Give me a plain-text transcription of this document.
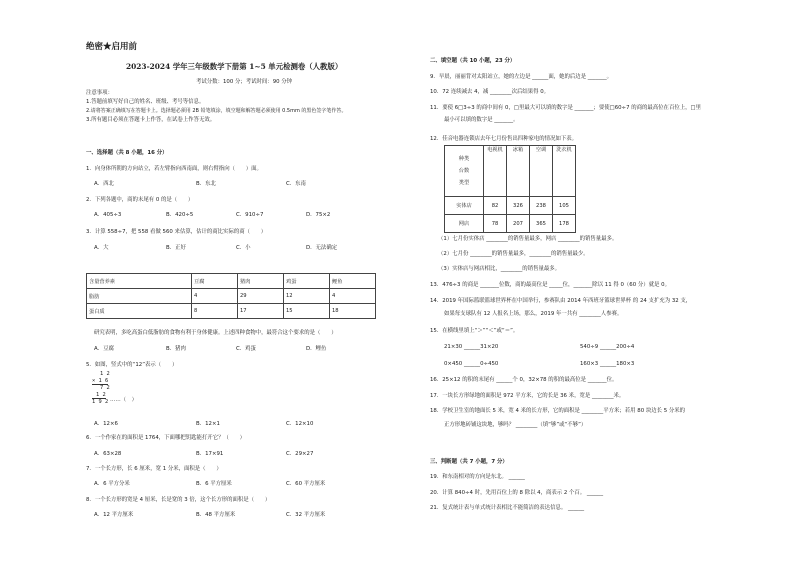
绝密★启用前
2023-2024 学年三年级数学下册第 1~5 单元检测卷（人教版）
考试分数：100 分；考试时间：90 分钟
注意事项：
1.答题前填写好自己的姓名、班级、考号等信息。
2.请将答案正确填写在答题卡上。选择题必须用 2B 铅笔填涂，填空题和解答题必须使用 0.5mm 的黑色签字笔作答。
3.所有题目必须在答题卡上作答，在试卷上作答无效。
一、选择题（共 8 小题，16 分）
1．向身体所朝的方向站立，若左臂指向西南面，则右臂指向（　　）面。
A．西北	B．东北	C．东南
2．下列各题中，商的末尾有 0 的是（　　）
A．405÷3	B．420÷5	C．910÷7	D．75×2
3．计算 558÷7，把 558 看做 560 来估算，估计的商比实际的商（　　）
A．大	B．正好	C．小	D．无法确定
含量营养素	豆腐	猪肉	鸡蛋	鲤鱼
脂肪	4	29	12	4
蛋白质	8	17	15	18
研究表明，多吃高蛋白低脂肪的食物有利于身体健康。上述四种食物中，最符合这个要求的是（　　）
A．豆腐	B．猪肉	C．鸡蛋	D．鲤鱼
5．如图，竖式中的“12”表示（　　）
1 2
× 1 6
7 2
1 2
1 9 2 ……（　）
A．12×6	B．12×1	C．12×10
6．一个作家在的面积是 1764，下面哪把钥匙能打开它？（　　）
A．63×28	B．17×91	C．29×27
7．一个长方形，长 6 厘米，宽 1 分米，面积是（　　）
A．6 平方分米	B．6 平方厘米	C．60 平方厘米
8．一个长方形的宽是 4 厘米，长是宽的 3 倍，这个长方形的面积是（　　）
A．12 平方厘米	B．48 平方厘米	C．32 平方厘米
二、填空题（共 10 小题，23 分）
9．早晨，丽丽背对太阳站立，她的左边是 ______面，她的后边是 _______。
10．72 连续减去 4，减 ________次后结果得 0。
11．要使 6□3÷3 的商中间有 0，□里最大可以填的数字是 _______；要使□60÷7 的商的最高位在百位上，□里
最小可以填的数字是 _______。
12．佳音电器连锁店去年七月份售出四种家电的情况如下表。
种类
台数
类型	电视机	冰箱	空调	洗衣机
实体店	82	326	238	105
网店	78	207	365	178
（1）七月份实体店 ________的销售量最多，网店 ________的销售量最多。
（2）七月份 ________的销售量最多，________的销售量最少。
（3）实体店与网店相比，________的销售量最多。
13．476÷3 的商是 _______位数，商的最高位是 _____位，_______除以 11 得 0（60 分）就是 0。
14．2019 年国际篮联篮球世界杯在中国举行，参赛队由 2014 年西班牙篮球世界杯 的 24 支扩充为 32 支，
如果每支球队有 12 人报名上场，那么，2019 年一共有 ________人参赛。
15．在横线里填上“＞”“＜”或“＝”。
21×30 ______31×20	540÷9 ______200÷4
0×450 ______0÷450	160×3 ______180×3
16．25×12 的积的末尾有 ______个 0，32×78 的积的最高位是 _______位。
17．一块长方形绿地的面积是 972 平方米，它的长是 36 米，宽是 ________米。
18．学校卫生室的地面长 5 米，宽 4 米的长方形，它的面积是 ________平方米；若用 80 块边长 5 分米的
正方形地砖铺这块地，够吗？ ________（填“够”或“不够”）
三、判断题（共 7 小题，7 分）
19．和东南相对的方向是东北。 ______
20．计算 840÷4 时，先用百位上的 8 除以 4，商表示 2 个百。 ______
21．复式统计表与单式统计表相比不能简洁的表达信息。 ______
